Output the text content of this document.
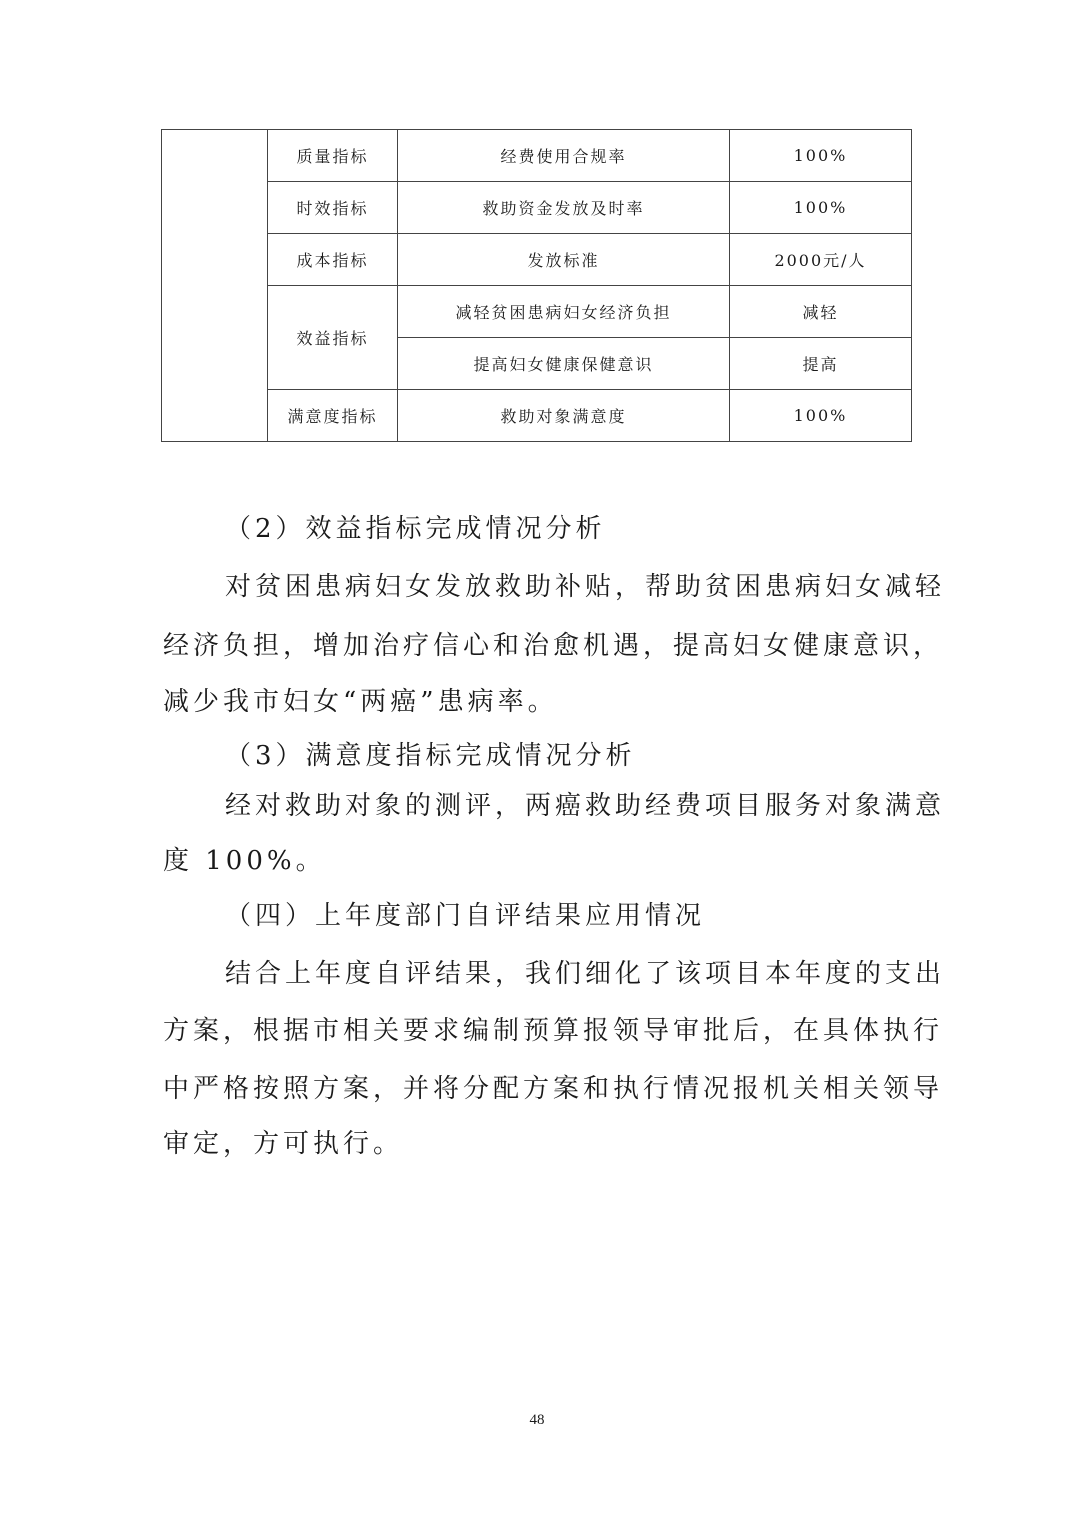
	质量指标	经费使用合规率	100%
	时效指标	救助资金发放及时率	100%
	成本指标	发放标准	2000元/人
	效益指标	减轻贫困患病妇女经济负担	减轻
		提高妇女健康保健意识	提高
	满意度指标	救助对象满意度	100%
（2）效益指标完成情况分析
对贫困患病妇女发放救助补贴，帮助贫困患病妇女减轻
经济负担，增加治疗信心和治愈机遇，提高妇女健康意识，
减少我市妇女“两癌”患病率。
（3）满意度指标完成情况分析
经对救助对象的测评，两癌救助经费项目服务对象满意
度 100%。
（四）上年度部门自评结果应用情况
结合上年度自评结果，我们细化了该项目本年度的支出
方案，根据市相关要求编制预算报领导审批后，在具体执行
中严格按照方案，并将分配方案和执行情况报机关相关领导
审定，方可执行。
48
